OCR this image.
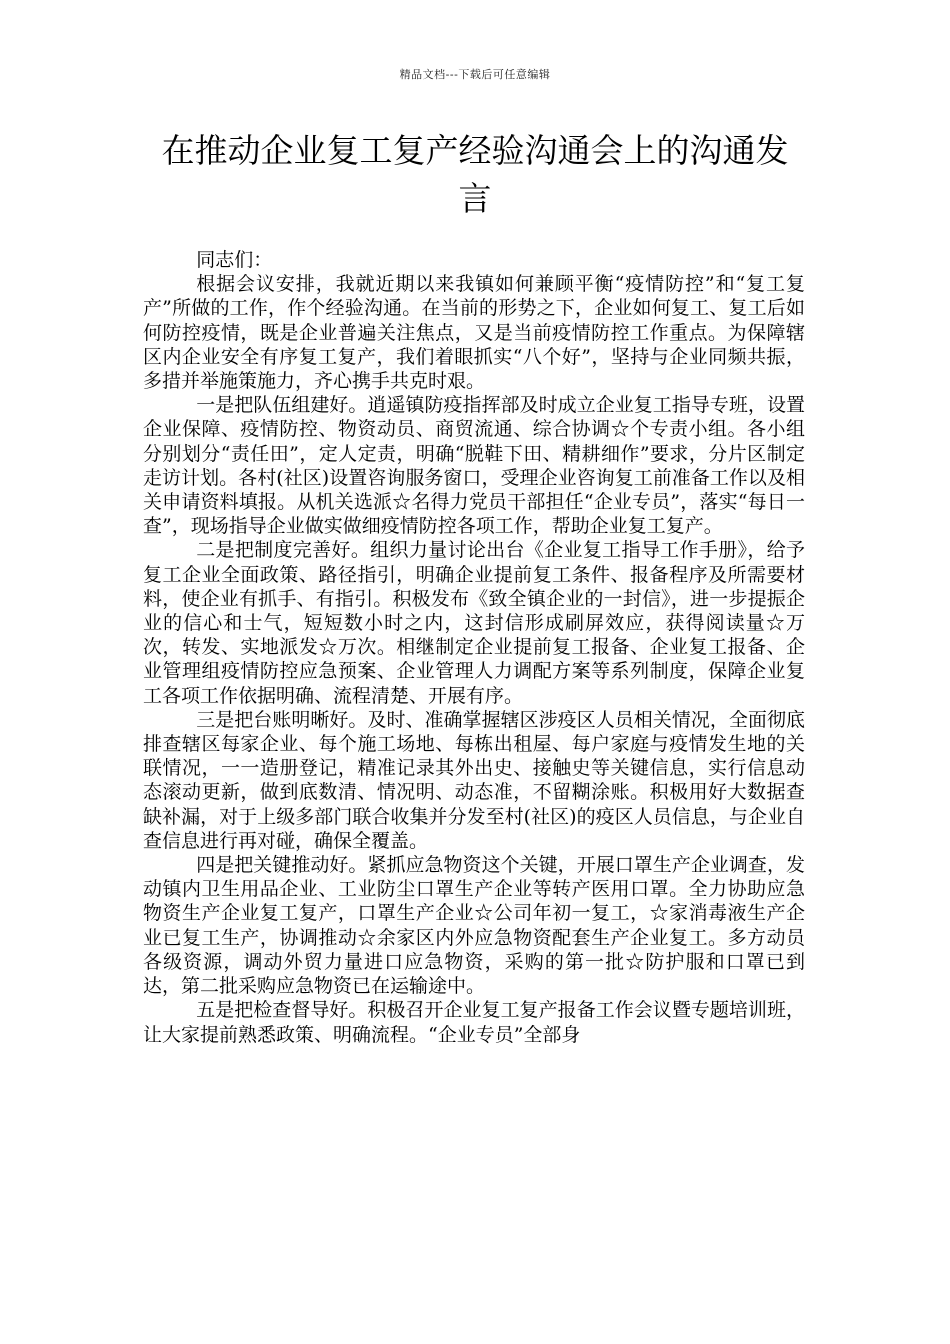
精品文档---下载后可任意编辑
在推动企业复工复产经验沟通会上的沟通发言

同志们：

根据会议安排，我就近期以来我镇如何兼顾平衡“疫情防控”和“复工复产”所做的工作，作个经验沟通。在当前的形势之下，企业如何复工、复工后如何防控疫情，既是企业普遍关注焦点，又是当前疫情防控工作重点。为保障辖区内企业安全有序复工复产，我们着眼抓实“八个好”，坚持与企业同频共振，多措并举施策施力，齐心携手共克时艰。

一是把队伍组建好。逍遥镇防疫指挥部及时成立企业复工指导专班，设置企业保障、疫情防控、物资动员、商贸流通、综合协调☆个专责小组。各小组分别划分“责任田”，定人定责，明确“脱鞋下田、精耕细作”要求，分片区制定走访计划。各村(社区)设置咨询服务窗口，受理企业咨询复工前准备工作以及相关申请资料填报。从机关选派☆名得力党员干部担任“企业专员”，落实“每日一查”，现场指导企业做实做细疫情防控各项工作，帮助企业复工复产。

二是把制度完善好。组织力量讨论出台《企业复工指导工作手册》，给予复工企业全面政策、路径指引，明确企业提前复工条件、报备程序及所需要材料，使企业有抓手、有指引。积极发布《致全镇企业的一封信》，进一步提振企业的信心和士气，短短数小时之内，这封信形成刷屏效应，获得阅读量☆万次，转发、实地派发☆万次。相继制定企业提前复工报备、企业复工报备、企业管理组疫情防控应急预案、企业管理人力调配方案等系列制度，保障企业复工各项工作依据明确、流程清楚、开展有序。

三是把台账明晰好。及时、准确掌握辖区涉疫区人员相关情况，全面彻底排查辖区每家企业、每个施工场地、每栋出租屋、每户家庭与疫情发生地的关联情况，一一造册登记，精准记录其外出史、接触史等关键信息，实行信息动态滚动更新，做到底数清、情况明、动态准，不留糊涂账。积极用好大数据查缺补漏，对于上级多部门联合收集并分发至村(社区)的疫区人员信息，与企业自查信息进行再对碰，确保全覆盖。

四是把关键推动好。紧抓应急物资这个关键，开展口罩生产企业调查，发动镇内卫生用品企业、工业防尘口罩生产企业等转产医用口罩。全力协助应急物资生产企业复工复产，口罩生产企业☆公司年初一复工，☆家消毒液生产企业已复工生产，协调推动☆余家区内外应急物资配套生产企业复工。多方动员各级资源，调动外贸力量进口应急物资，采购的第一批☆防护服和口罩已到达，第二批采购应急物资已在运输途中。

五是把检查督导好。积极召开企业复工复产报备工作会议暨专题培训班，让大家提前熟悉政策、明确流程。“企业专员”全部身
